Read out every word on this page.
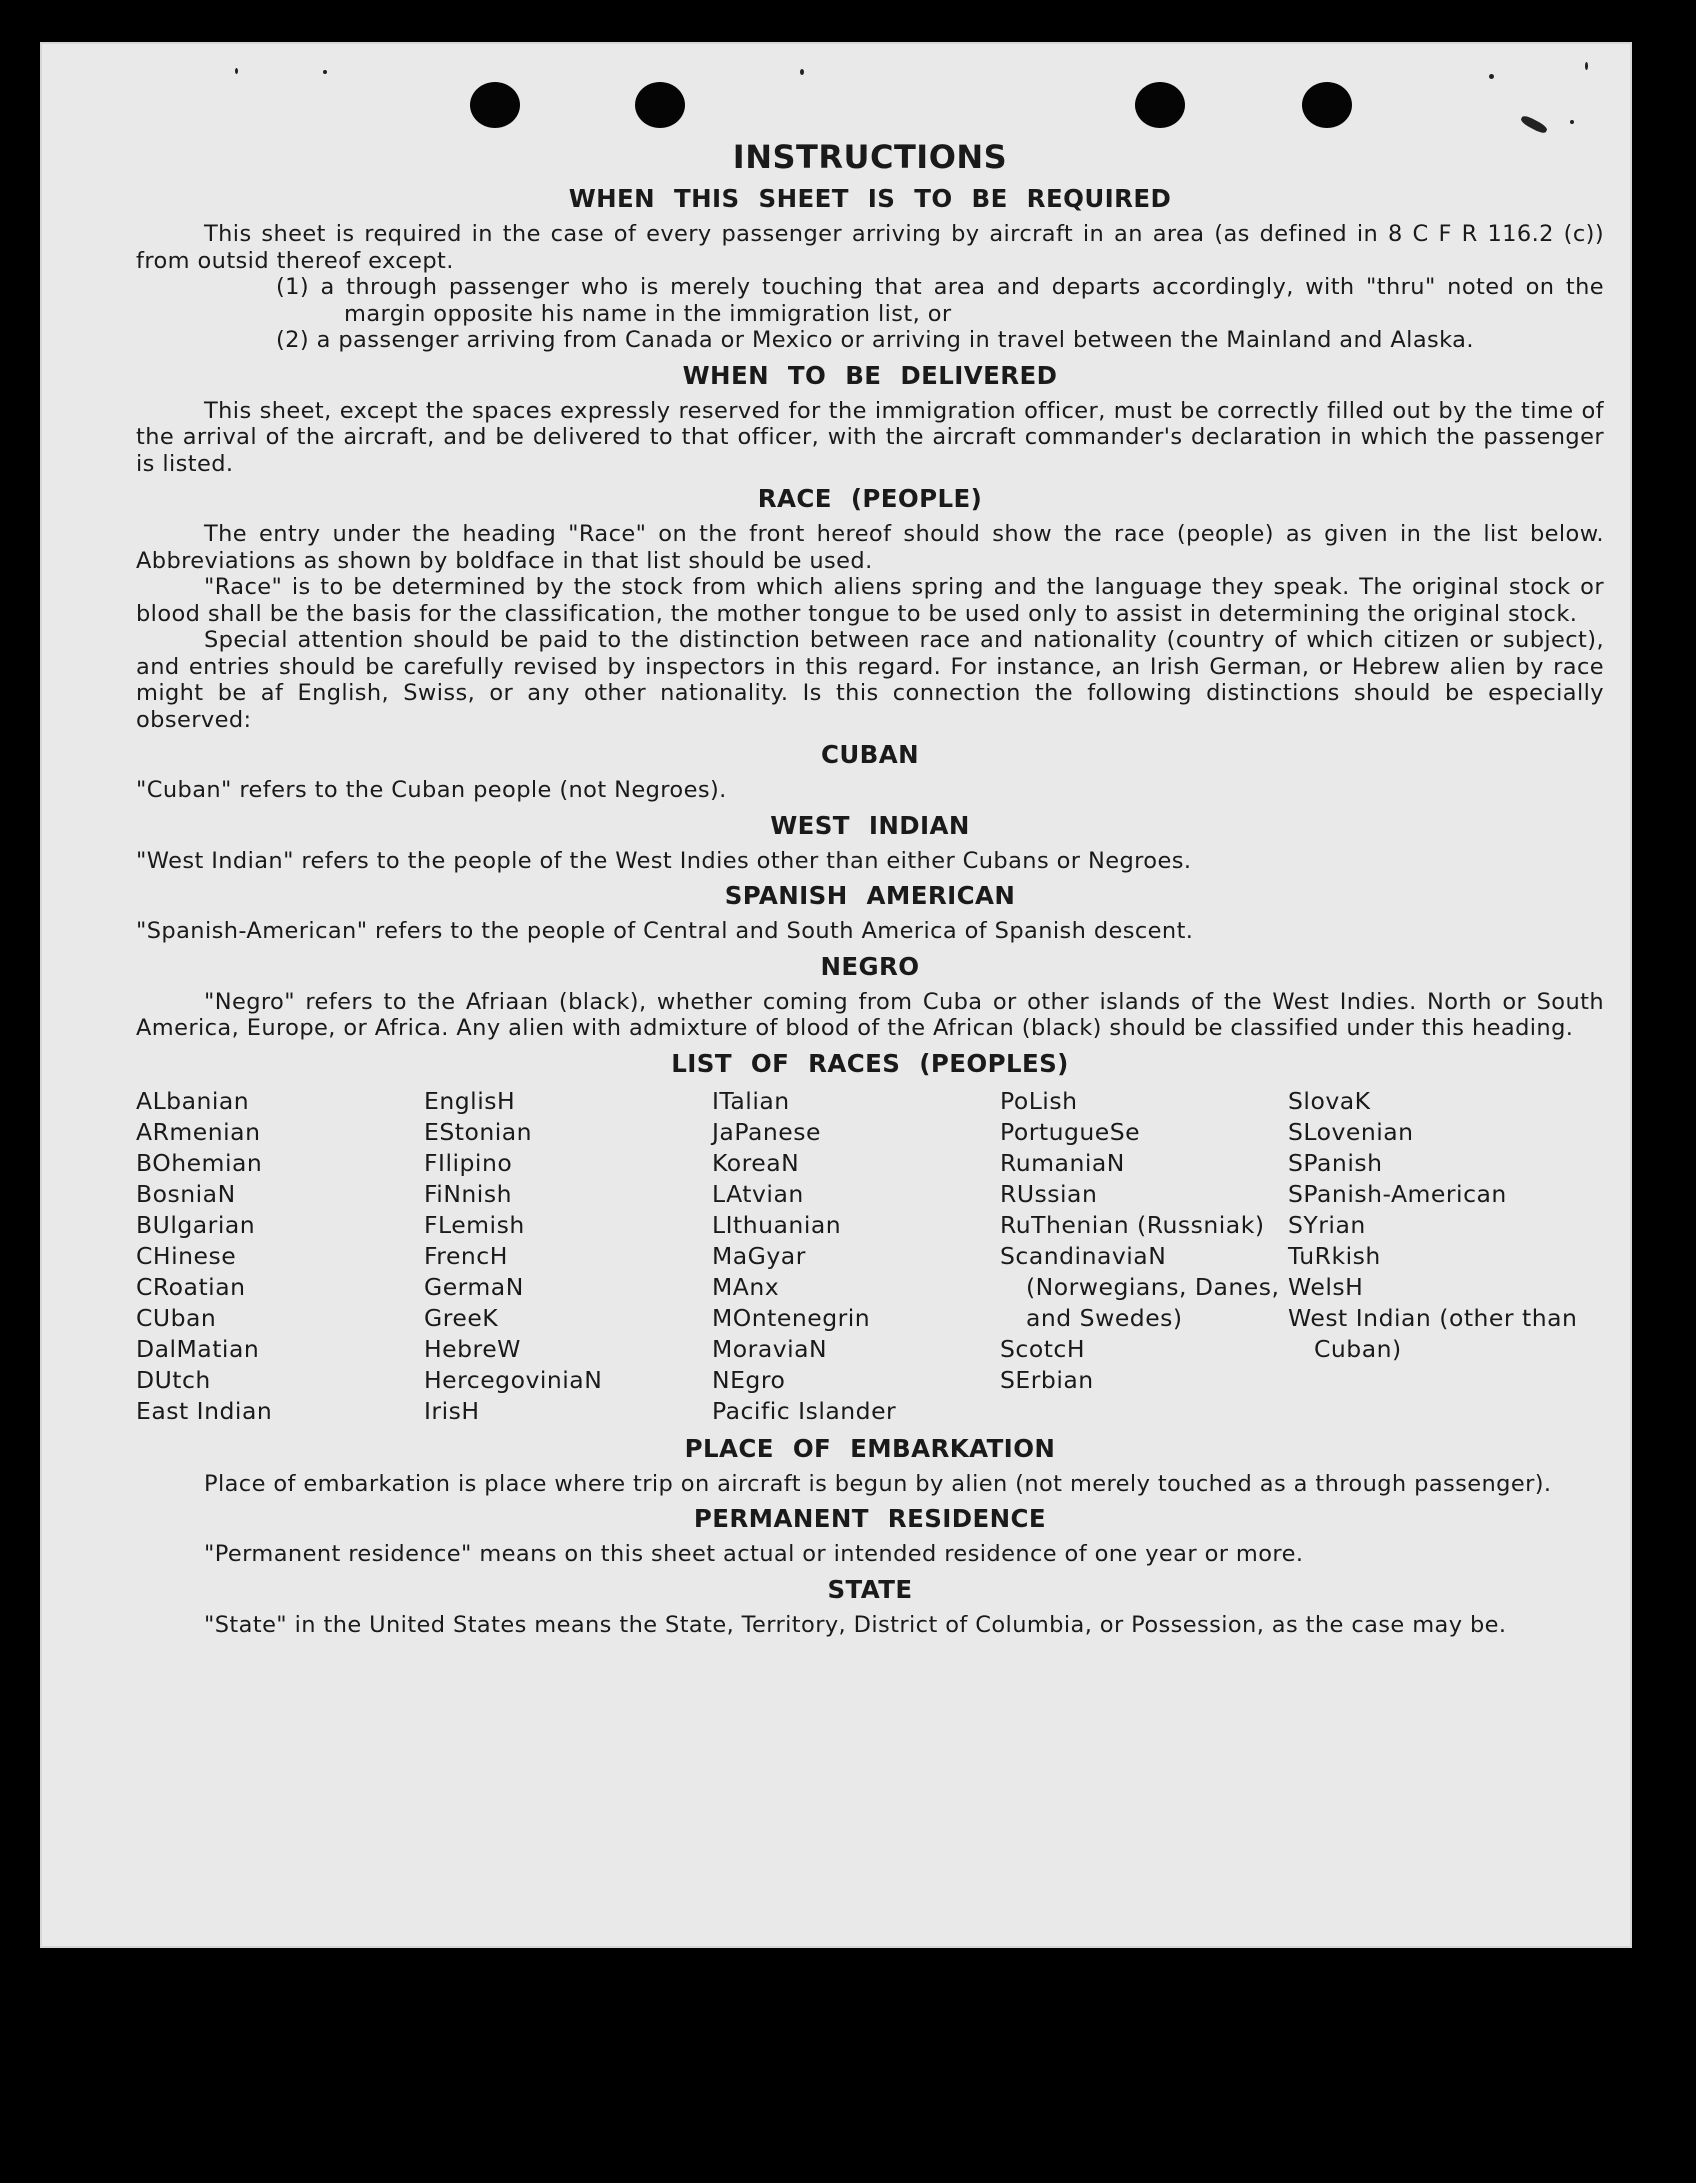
INSTRUCTIONS
WHEN THIS SHEET IS TO BE REQUIRED

This sheet is required in the case of every passenger arriving by aircraft in an area (as defined in 8 C F R 116.2 (c)) from outsid thereof except.

(1) a through passenger who is merely touching that area and departs accordingly, with "thru" noted on the margin opposite his name in the immigration list, or
(2) a passenger arriving from Canada or Mexico or arriving in travel between the Mainland and Alaska.
WHEN TO BE DELIVERED

This sheet, except the spaces expressly reserved for the immigration officer, must be correctly filled out by the time of the arrival of the aircraft, and be delivered to that officer, with the aircraft commander's declaration in which the passenger is listed.

RACE (PEOPLE)

The entry under the heading "Race" on the front hereof should show the race (people) as given in the list below. Abbreviations as shown by boldface in that list should be used.

"Race" is to be determined by the stock from which aliens spring and the language they speak. The original stock or blood shall be the basis for the classification, the mother tongue to be used only to assist in determining the original stock.

Special attention should be paid to the distinction between race and nationality (country of which citizen or subject), and entries should be carefully revised by inspectors in this regard. For instance, an Irish German, or Hebrew alien by race might be af English, Swiss, or any other nationality. Is this connection the following distinctions should be especially observed:

CUBAN

"Cuban" refers to the Cuban people (not Negroes).

WEST INDIAN

"West Indian" refers to the people of the West Indies other than either Cubans or Negroes.

SPANISH AMERICAN

"Spanish-American" refers to the people of Central and South America of Spanish descent.

NEGRO

"Negro" refers to the Afriaan (black), whether coming from Cuba or other islands of the West Indies. North or South America, Europe, or Africa. Any alien with admixture of blood of the African (black) should be classified under this heading.

LIST OF RACES (PEOPLES)
ALbanian
ARmenian
BOhemian
BosniaN
BUlgarian
CHinese
CRoatian
CUban
DalMatian
DUtch
East Indian
EnglisH
EStonian
FIlipino
FiNnish
FLemish
FrencH
GermaN
GreeK
HebreW
HercegoviniaN
IrisH
ITalian
JaPanese
KoreaN
LAtvian
LIthuanian
MaGyar
MAnx
MOntenegrin
MoraviaN
NEgro
Pacific Islander
PoLish
PortugueSe
RumaniaN
RUssian
RuThenian (Russniak)
ScandinaviaN (Norwegians, Danes, and Swedes)
ScotcH
SErbian
SlovaK
SLovenian
SPanish
SPanish-American
SYrian
TuRkish
WelsH
West Indian (other than Cuban)
PLACE OF EMBARKATION

Place of embarkation is place where trip on aircraft is begun by alien (not merely touched as a through passenger).

PERMANENT RESIDENCE

"Permanent residence" means on this sheet actual or intended residence of one year or more.

STATE

"State" in the United States means the State, Territory, District of Columbia, or Possession, as the case may be.
